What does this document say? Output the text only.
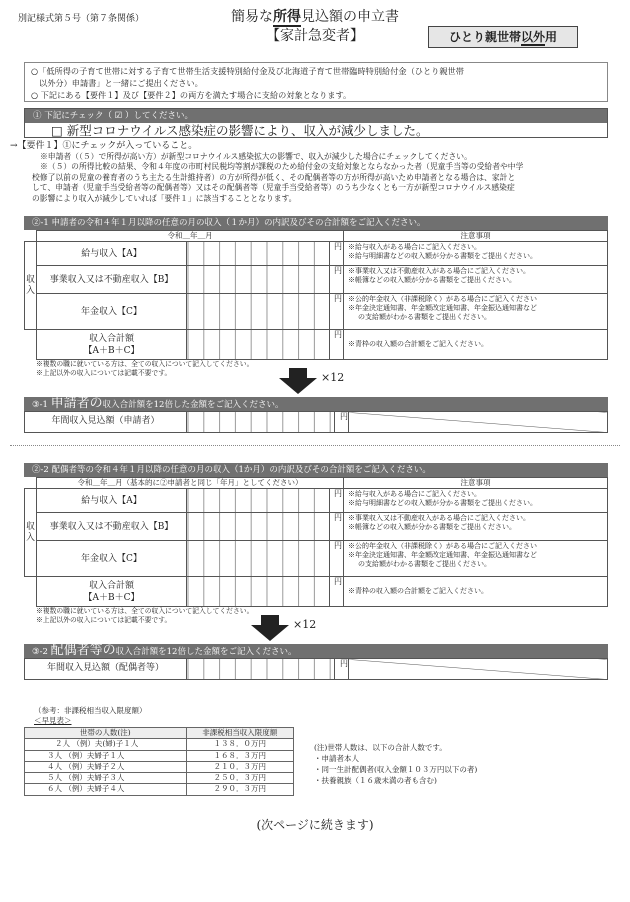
別記様式第５号（第７条関係）	簡易な所得見込額の申立書
【家計急変者】	ひとり親世帯以外用

○「低所得の子育て世帯に対する子育て世帯生活支援特別給付金及び北海道子育て世帯臨時特別給付金（ひとり親世帯

以外分）申請書」と一緒にご提出ください。

○ 下記にある【要件１】及び【要件２】の両方を満たす場合に支給の対象となります。

① 下記にチェック（ ☑ ）してください。
□ 新型コロナウイルス感染症の影響により、収入が減少しました。
→【要件１】①にチェックが入っていること。
※申請者（（５）で所得が高い方）が新型コロナウイルス感染拡大の影響で、収入が減少した場合にチェックしてください。
※（５）の所得比較の結果、令和４年度の市町村民税均等割が課税のため給付金の支給対象とならなかった者（児童手当等の受給者や中学
校修了以前の児童の養育者のうち主たる生計維持者）の方が所得が低く、その配偶者等の方が所得が高いため申請者となる場合は、家計と
して、申請者（児童手当受給者等の配偶者等）又はその配偶者等（児童手当受給者等）のうち少なくとも一方が新型コロナウイルス感染症
の影響により収入が減少していれば「要件１」に該当することとなります。
②-1 申請者の令和４年１月以降の任意の月の収入（１か月）の内訳及びその合計額をご記入ください。
	令和＿年＿月			注意事項
収入	給与収入【A】		円	※給与収入がある場合にご記入ください。
※給与明細書などの収入額が分かる書類をご提出ください。

	事業収入又は不動産収入【B】		円	※事業収入又は不動産収入がある場合にご記入ください。
※帳簿などの収入額が分かる書類をご提出ください。

	年金収入【C】		円	※公的年金収入（非課税除く）がある場合にご記入ください
※年金決定通知書、年金額改定通知書、年金振込通知書など
の支給額がわかる書類をご提出ください。

	収入合計額
【A＋B＋C】		円	※青枠の収入額の合計額をご記入ください。
※複数の職に就いている方は、全ての収入について記入してください。
※上記以外の収入については記載不要です。	×12
③-1 申請者の収入合計額を12倍した金額をご記入ください。
年間収入見込額（申請者）		円	
②-2 配偶者等の令和４年１月以降の任意の月の収入（1か月）の内訳及びその合計額をご記入ください。
	令和＿年＿月（基本的に②申請者と同じ「年月」としてください）			注意事項
収入	給与収入【A】		円	※給与収入がある場合にご記入ください。
※給与明細書などの収入額が分かる書類をご提出ください。

	事業収入又は不動産収入【B】		円	※事業収入又は不動産収入がある場合にご記入ください。
※帳簿などの収入額が分かる書類をご提出ください。

	年金収入【C】		円	※公的年金収入（非課税除く）がある場合にご記入ください
※年金決定通知書、年金額改定通知書、年金振込通知書など
の支給額がわかる書類をご提出ください。

	収入合計額
【A＋B＋C】		円	※青枠の収入額の合計額をご記入ください。
※複数の職に就いている方は、全ての収入について記入してください。
※上記以外の収入については記載不要です。	×12
③-2 配偶者等の収入合計額を12倍した金額をご記入ください。
年間収入見込額（配偶者等）		円	
（参考：非課税相当収入限度額）
＜早見表＞
世帯の人数(注)	非課税相当収入限度額
２人 （例）夫(婦)子１人	１３８．０万円
３人 （例）夫婦子１人	１６８．３万円
４人 （例）夫婦子２人	２１０．３万円
５人 （例）夫婦子３人	２５０．３万円
６人 （例）夫婦子４人	２９０．３万円
(注)世帯人数は、以下の合計人数です。
・申請者本人
・同一生計配偶者(収入金額１０３万円以下の者)
・扶養親族（１６歳未満の者も含む)
(次ページに続きます)
